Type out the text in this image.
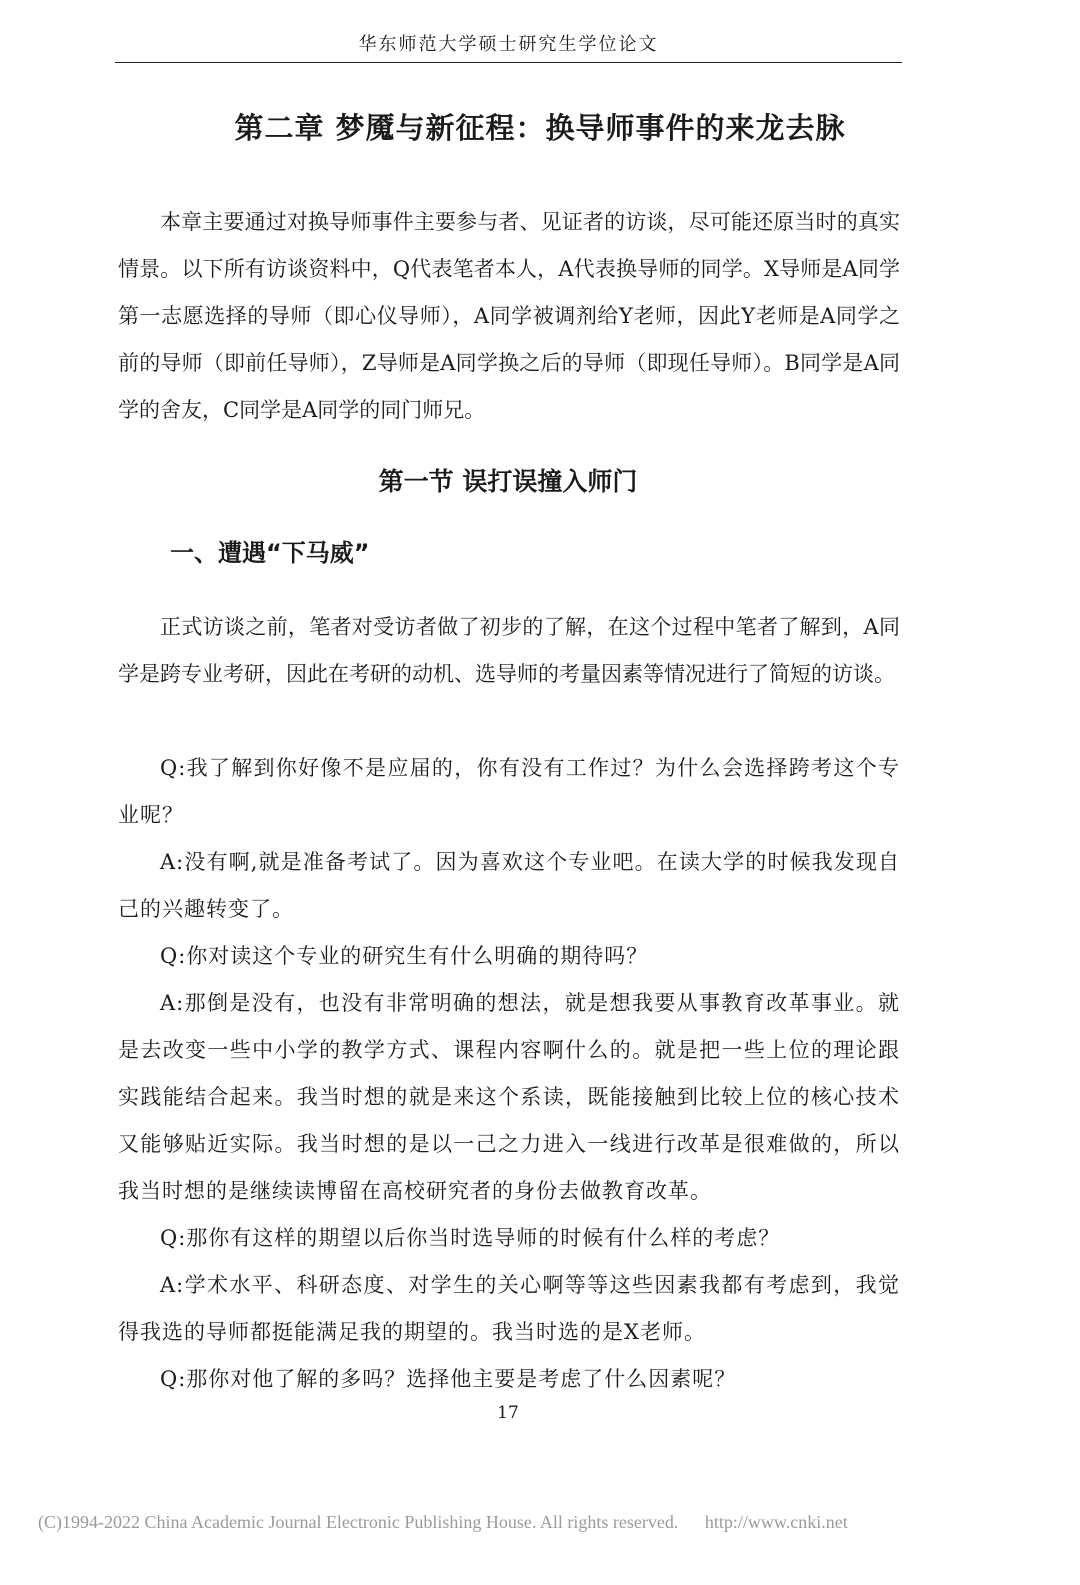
华东师范大学硕士研究生学位论文
第二章 梦魇与新征程：换导师事件的来龙去脉

本章主要通过对换导师事件主要参与者、见证者的访谈，尽可能还原当时的真实情景。以下所有访谈资料中，Q代表笔者本人，A代表换导师的同学。X导师是A同学第一志愿选择的导师（即心仪导师），A同学被调剂给Y老师，因此Y老师是A同学之前的导师（即前任导师），Z导师是A同学换之后的导师（即现任导师）。B同学是A同学的舍友，C同学是A同学的同门师兄。

第一节 误打误撞入师门
一、遭遇“下马威”

正式访谈之前，笔者对受访者做了初步的了解，在这个过程中笔者了解到，A同学是跨专业考研，因此在考研的动机、选导师的考量因素等情况进行了简短的访谈。

Q:我了解到你好像不是应届的，你有没有工作过？为什么会选择跨考这个专业呢？

A:没有啊,就是准备考试了。因为喜欢这个专业吧。在读大学的时候我发现自己的兴趣转变了。

Q:你对读这个专业的研究生有什么明确的期待吗？

A:那倒是没有，也没有非常明确的想法，就是想我要从事教育改革事业。就是去改变一些中小学的教学方式、课程内容啊什么的。就是把一些上位的理论跟实践能结合起来。我当时想的就是来这个系读，既能接触到比较上位的核心技术又能够贴近实际。我当时想的是以一己之力进入一线进行改革是很难做的，所以我当时想的是继续读博留在高校研究者的身份去做教育改革。

Q:那你有这样的期望以后你当时选导师的时候有什么样的考虑？

A:学术水平、科研态度、对学生的关心啊等等这些因素我都有考虑到，我觉得我选的导师都挺能满足我的期望的。我当时选的是X老师。

Q:那你对他了解的多吗？选择他主要是考虑了什么因素呢？

17
(C)1994-2022 China Academic Journal Electronic Publishing House. All rights reserved. http://www.cnki.net
